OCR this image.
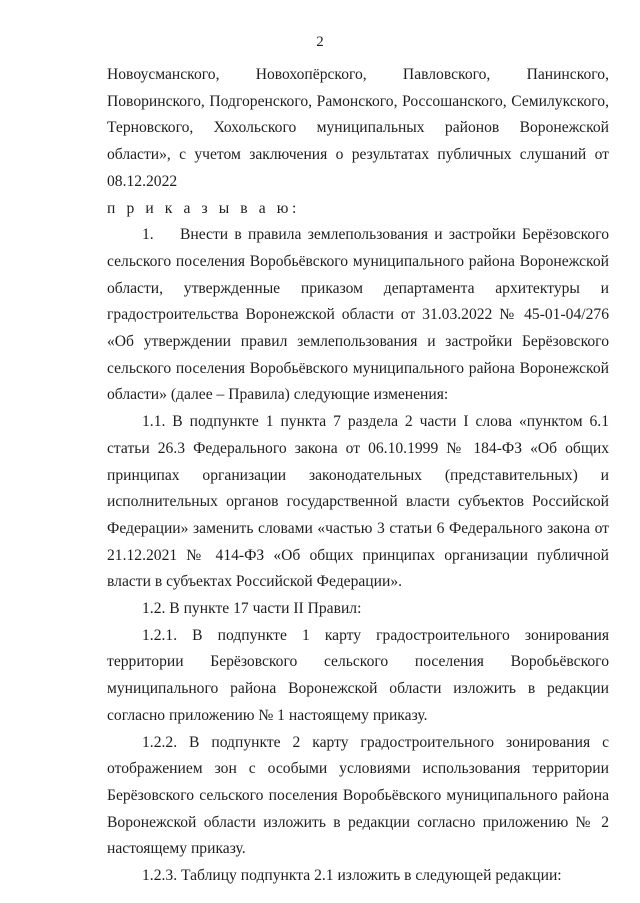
2

Новоусманского, Новохопёрского, Павловского, Панинского, Поворинского, Подгоренского, Рамонского, Россошанского, Семилукского, Терновского, Хохольского муниципальных районов Воронежской области», с учетом заключения о результатах публичных слушаний от 08.12.2022

п р и к а з ы в а ю:

1. Внести в правила землепользования и застройки Берёзовского сельского поселения Воробьёвского муниципального района Воронежской области, утвержденные приказом департамента архитектуры и градостроительства Воронежской области от 31.03.2022 № 45-01-04/276 «Об утверждении правил землепользования и застройки Берёзовского сельского поселения Воробьёвского муниципального района Воронежской области» (далее – Правила) следующие изменения:

1.1. В подпункте 1 пункта 7 раздела 2 части I слова «пунктом 6.1 статьи 26.3 Федерального закона от 06.10.1999 № 184-ФЗ «Об общих принципах организации законодательных (представительных) и исполнительных органов государственной власти субъектов Российской Федерации» заменить словами «частью 3 статьи 6 Федерального закона от 21.12.2021 № 414-ФЗ «Об общих принципах организации публичной власти в субъектах Российской Федерации».

1.2. В пункте 17 части II Правил:

1.2.1. В подпункте 1 карту градостроительного зонирования территории Берёзовского сельского поселения Воробьёвского муниципального района Воронежской области изложить в редакции согласно приложению № 1 настоящему приказу.

1.2.2. В подпункте 2 карту градостроительного зонирования с отображением зон с особыми условиями использования территории Берёзовского сельского поселения Воробьёвского муниципального района Воронежской области изложить в редакции согласно приложению № 2 настоящему приказу.

1.2.3. Таблицу подпункта 2.1 изложить в следующей редакции:
